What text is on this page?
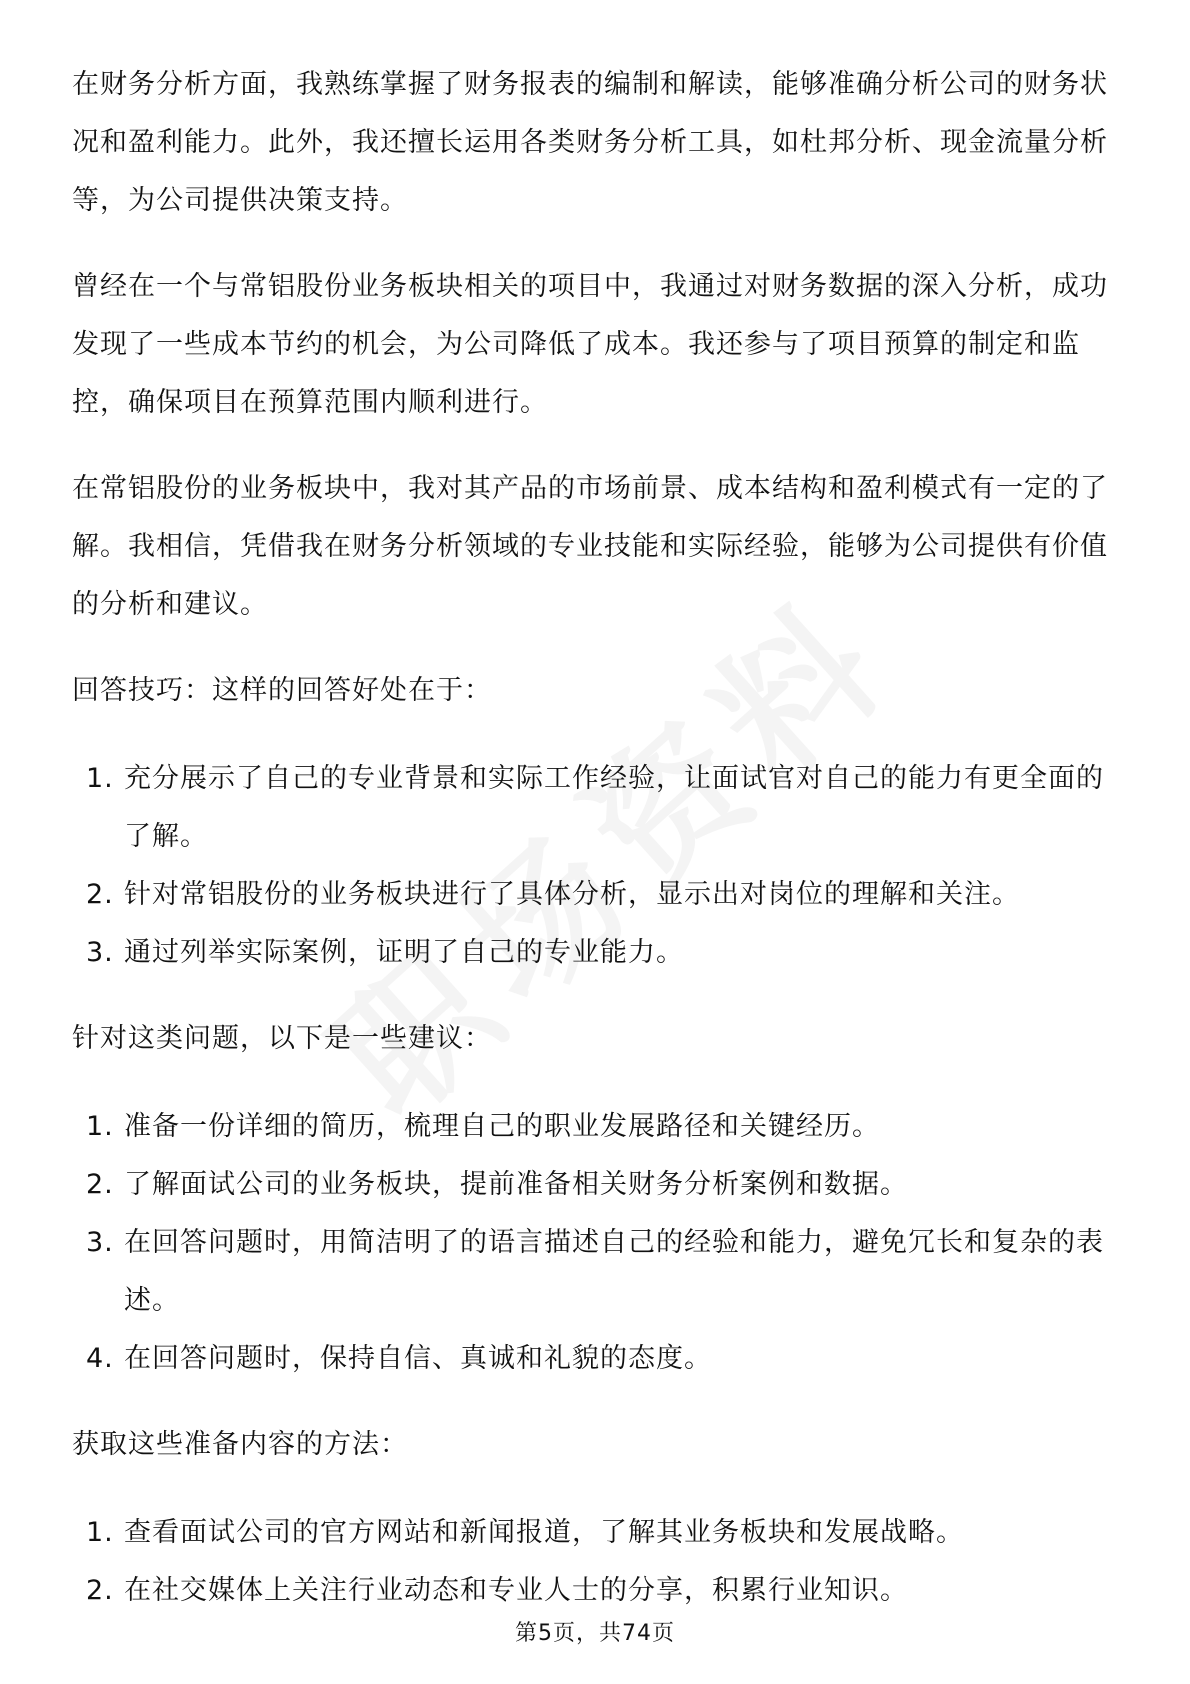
在财务分析方面，我熟练掌握了财务报表的编制和解读，能够准确分析公司的财务状况和盈利能力。此外，我还擅长运用各类财务分析工具，如杜邦分析、现金流量分析等，为公司提供决策支持。

曾经在一个与常铝股份业务板块相关的项目中，我通过对财务数据的深入分析，成功发现了一些成本节约的机会，为公司降低了成本。我还参与了项目预算的制定和监控，确保项目在预算范围内顺利进行。

在常铝股份的业务板块中，我对其产品的市场前景、成本结构和盈利模式有一定的了解。我相信，凭借我在财务分析领域的专业技能和实际经验，能够为公司提供有价值的分析和建议。

回答技巧：这样的回答好处在于：

1. 充分展示了自己的专业背景和实际工作经验，让面试官对自己的能力有更全面的了解。
2. 针对常铝股份的业务板块进行了具体分析，显示出对岗位的理解和关注。
3. 通过列举实际案例，证明了自己的专业能力。

针对这类问题，以下是一些建议：

1. 准备一份详细的简历，梳理自己的职业发展路径和关键经历。
2. 了解面试公司的业务板块，提前准备相关财务分析案例和数据。
3. 在回答问题时，用简洁明了的语言描述自己的经验和能力，避免冗长和复杂的表述。
4. 在回答问题时，保持自信、真诚和礼貌的态度。

获取这些准备内容的方法：

1. 查看面试公司的官方网站和新闻报道，了解其业务板块和发展战略。
2. 在社交媒体上关注行业动态和专业人士的分享，积累行业知识。
第5页，共74页
